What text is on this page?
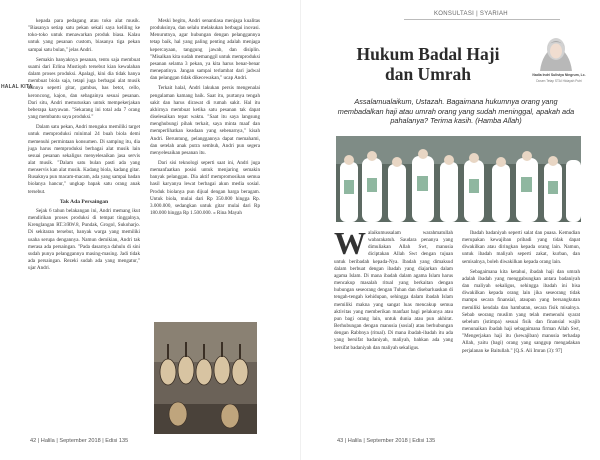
HALAL KITA

kepada para pedagang atau toko alat musik. "Biasanya setiap satu pekan sekali saya keliling ke toko-toko untuk menawarkan produk biasa. Kalau untuk yang pesanan custom, biasanya tiga pekan sampai satu bulan," jelas Andri.

Semakin banyaknya pesanan, tentu saja membuat suami dari Erlina Mustiqoh tersebut kian kewalahan dalam proses produksi. Apalagi, kini dia tidak hanya membuat biola saja, tetapi juga berbagai alat musik lainnya seperti gitar, gambus, bas betot, cello, keroncong, kajon, dan sebagainya sesuai pesanan. Dari situ, Andri memutuskan untuk mempekerjakan beberapa karyawan. "Sekarang ini total ada 7 orang yang membantu saya produksi."

Dalam satu pekan, Andri mengaku memiliki target untuk memproduksi minimal 24 buah biola demi memenuhi permintaan konsumen. Di samping itu, dia juga harus memproduksi berbagai alat musik lain sesuai pesanan sekaligus menyelesaikan jasa servis alat musik. "Dalam satu bulan pasti ada yang menservis kan alat musik. Kadang biola, kadang gitar. Rusaknya pun macam-macam, ada yang sampai badan biolanya hancur," ungkap bapak satu orang anak tersebut.

Tak Ada Persaingan

Sejak 6 tahun belakangan ini, Andri memang ikut mendirikan proses produksi di tempat tinggalnya, Krenglangan RT.3/RW.8, Pundak, Grogol, Sukoharjo. Di sekitaran tersebut, banyak warga yang memiliki usaha serupa dengannya. Namun demikian, Andri tak merasa ada persaingan. "Pada dasarnya dahulu di sini sudah punya pelanggannya masing-masing. Jadi tidak ada persaingan. Rezeki sudah ada yang mengatur," ujar Andri.

Meski begitu, Andri senantiasa menjaga kualitas produksinya, dan selalu melakukan berbagai inovasi. Menurutnya, agar hubungan dengan pelanggannya tetap baik, hal yang paling penting adalah menjaga kepercayaan, tanggung jawab, dan disiplin. "Misalkan kita sudah memanggil untuk memproduksi pesanan selama 3 pekan, ya kita harus benar-benar menepatinya. Jangan sampai terlambat dari jadwal dan pelanggan tidak dikecewakan," ucap Andri.

Terkait halal, Andri lakukan persis mengenalai pengalaman kamang baik. Saat itu, purtanya tengah sakit dan harus dirawat di rumah sakit. Hal itu akhirnya membuat ketika satu pesanan tak dapat diselesaikan tepat waktu. "Saat itu saya langsung menghubungi pihak terkait, saya minta maaf dan memperlihatkan keadaan yang sebenarnya," kisah Andri. Beruntung, pelanggannya dapat memahami, dan setelah anak putra sembuh, Andri pun segera menyelesaikan pesanan itu.

Dari sisi teknologi seperti saat ini, Andri juga memanfaatkan posisi untuk menjaring semakin banyak pelanggan. Dia aktif mempromosikan semua hasil karyanya lewat berbagai akun media sosial. Produk biolanya pun dijual dengan harga beragam. Untuk biola, mulai dari Rp 350.000 hingga Rp. 3.000.000, sedangkan untuk gitar mulai dari Rp 180.000 hingga Rp 1.500.000. « Rina Mayah

42 | Halila | September 2018 | Edisi 135
KONSULTASI | SYARIAH
Hukum Badal Haji
dan Umrah	Nadia Indri Sulistya Ningrum, Lc.
Dosen Tetap STAI Hidayah Putri
Assalamualaikum, Ustazah. Bagaimana hukumnya orang yang membadalkan haji atau umrah orang yang sudah meninggal, apakah ada pahalanya? Terima kasih. (Hamba Allah)

Walaikumussalam warahmatullah wabarakatuh. Saudara penanya yang dimuliakan Allah Swt, manusia diciptakan Allah Swt dengan tujuan untuk beribadah kepada-Nya. Ibadah yang dimaksud dalam berbuat dengan ibadah yang diajarkan dalam agama Islam. Di mana ibadah dalam agama Islam harus mencakup masalah ritual yang berkaitan dengan hubungan seseorang dengan Tuhan dan disebarluaskan di tengah-tengah kehidupan, sehingga dalam ibadah Islam memiliki makna yang sangat luas mencakup semua aktivitas yang memberikan manfaat bagi pelakunya atau pun bagi orang lain, untuk dunia atau pun akhirat. Berhubungan dengan manusia (sosial) atau berhubungan dengan Rabbnya (ritual). Di mana ibadah-ibadah itu ada yang bersifat badaniyah, maliyah, bahkan ada yang bersifat badaniyah dan maliyah sekaligus.

Ibadah badaniyah seperti salat dan puasa. Kemudian merupakan kewajiban pribadi yang tidak dapat diwakilkan atau diringkan kepada orang lain. Namun, untuk ibadah maliyah seperti zakat, kurban, dan semisalnya, boleh diwakilkan kepada orang lain.

Sebagaimana kita ketahui, ibadah haji dan umrah adalah ibadah yang menggabungkan antara badaniyah dan maliyah sekaligus, sehingga ibadah ini bisa diwakilkan kepada orang lain jika seseorang tidak mampu secara finansial, ataupun yang bersangkutan memiliki kendala dan hambatan, secara fisik misalnya. Sebab seorang muslim yang telah memenuhi syarat sebelum (istimpa) sesuai fisik dan finansial wajib menunaikan ibadah haji sebagaimana firman Allah Swt, "Mengerjakan haji itu (kewajiban) manusia terhadap Allah, yaitu (bagi) orang yang sanggup mengadakan perjalanan ke Baitullah." [Q.S. Ali Imran (3): 97]

43 | Halila | September 2018 | Edisi 135
